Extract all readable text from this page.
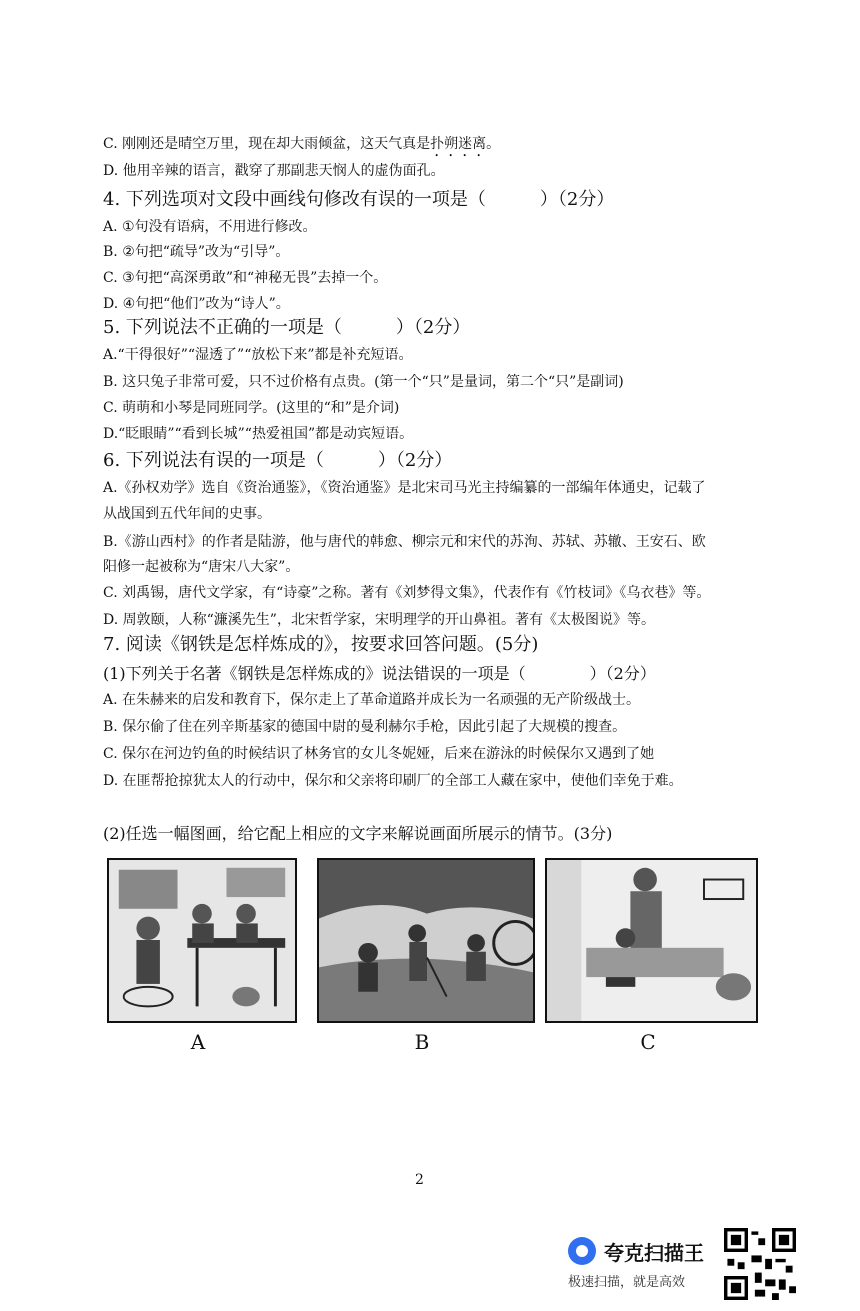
C. 刚刚还是晴空万里，现在却大雨倾盆，这天气真是扑朔迷离。
D. 他用辛辣的语言，戳穿了那副悲天悯人的虚伪面孔。
4. 下列选项对文段中画线句修改有误的一项是（　　　）（2分）
A. ①句没有语病，不用进行修改。
B. ②句把“疏导”改为“引导”。
C. ③句把“高深勇敢”和“神秘无畏”去掉一个。
D. ④句把“他们”改为“诗人”。
5. 下列说法不正确的一项是（　　　）（2分）
A.“干得很好”“湿透了”“放松下来”都是补充短语。
B. 这只兔子非常可爱，只不过价格有点贵。(第一个“只”是量词，第二个“只”是副词)
C. 萌萌和小琴是同班同学。(这里的“和”是介词)
D.“眨眼睛”“看到长城”“热爱祖国”都是动宾短语。
6. 下列说法有误的一项是（　　　）（2分）
A.《孙权劝学》选自《资治通鉴》，《资治通鉴》是北宋司马光主持编纂的一部编年体通史，记载了
从战国到五代年间的史事。
B.《游山西村》的作者是陆游，他与唐代的韩愈、柳宗元和宋代的苏洵、苏轼、苏辙、王安石、欧
阳修一起被称为“唐宋八大家”。
C. 刘禹锡，唐代文学家，有“诗豪”之称。著有《刘梦得文集》，代表作有《竹枝词》《乌衣巷》等。
D. 周敦颐，人称“濂溪先生”，北宋哲学家，宋明理学的开山鼻祖。著有《太极图说》等。
7. 阅读《钢铁是怎样炼成的》，按要求回答问题。(5分)
(1)下列关于名著《钢铁是怎样炼成的》说法错误的一项是（　　　　）（2分）
A. 在朱赫来的启发和教育下，保尔走上了革命道路并成长为一名顽强的无产阶级战士。
B. 保尔偷了住在列辛斯基家的德国中尉的曼利赫尔手枪，因此引起了大规模的搜查。
C. 保尔在河边钓鱼的时候结识了林务官的女儿冬妮娅，后来在游泳的时候保尔又遇到了她
D. 在匪帮抢掠犹太人的行动中，保尔和父亲将印刷厂的全部工人藏在家中，使他们幸免于难。
(2)任选一幅图画，给它配上相应的文字来解说画面所展示的情节。(3分)
A	B	C
2
夸克扫描王
极速扫描，就是高效
